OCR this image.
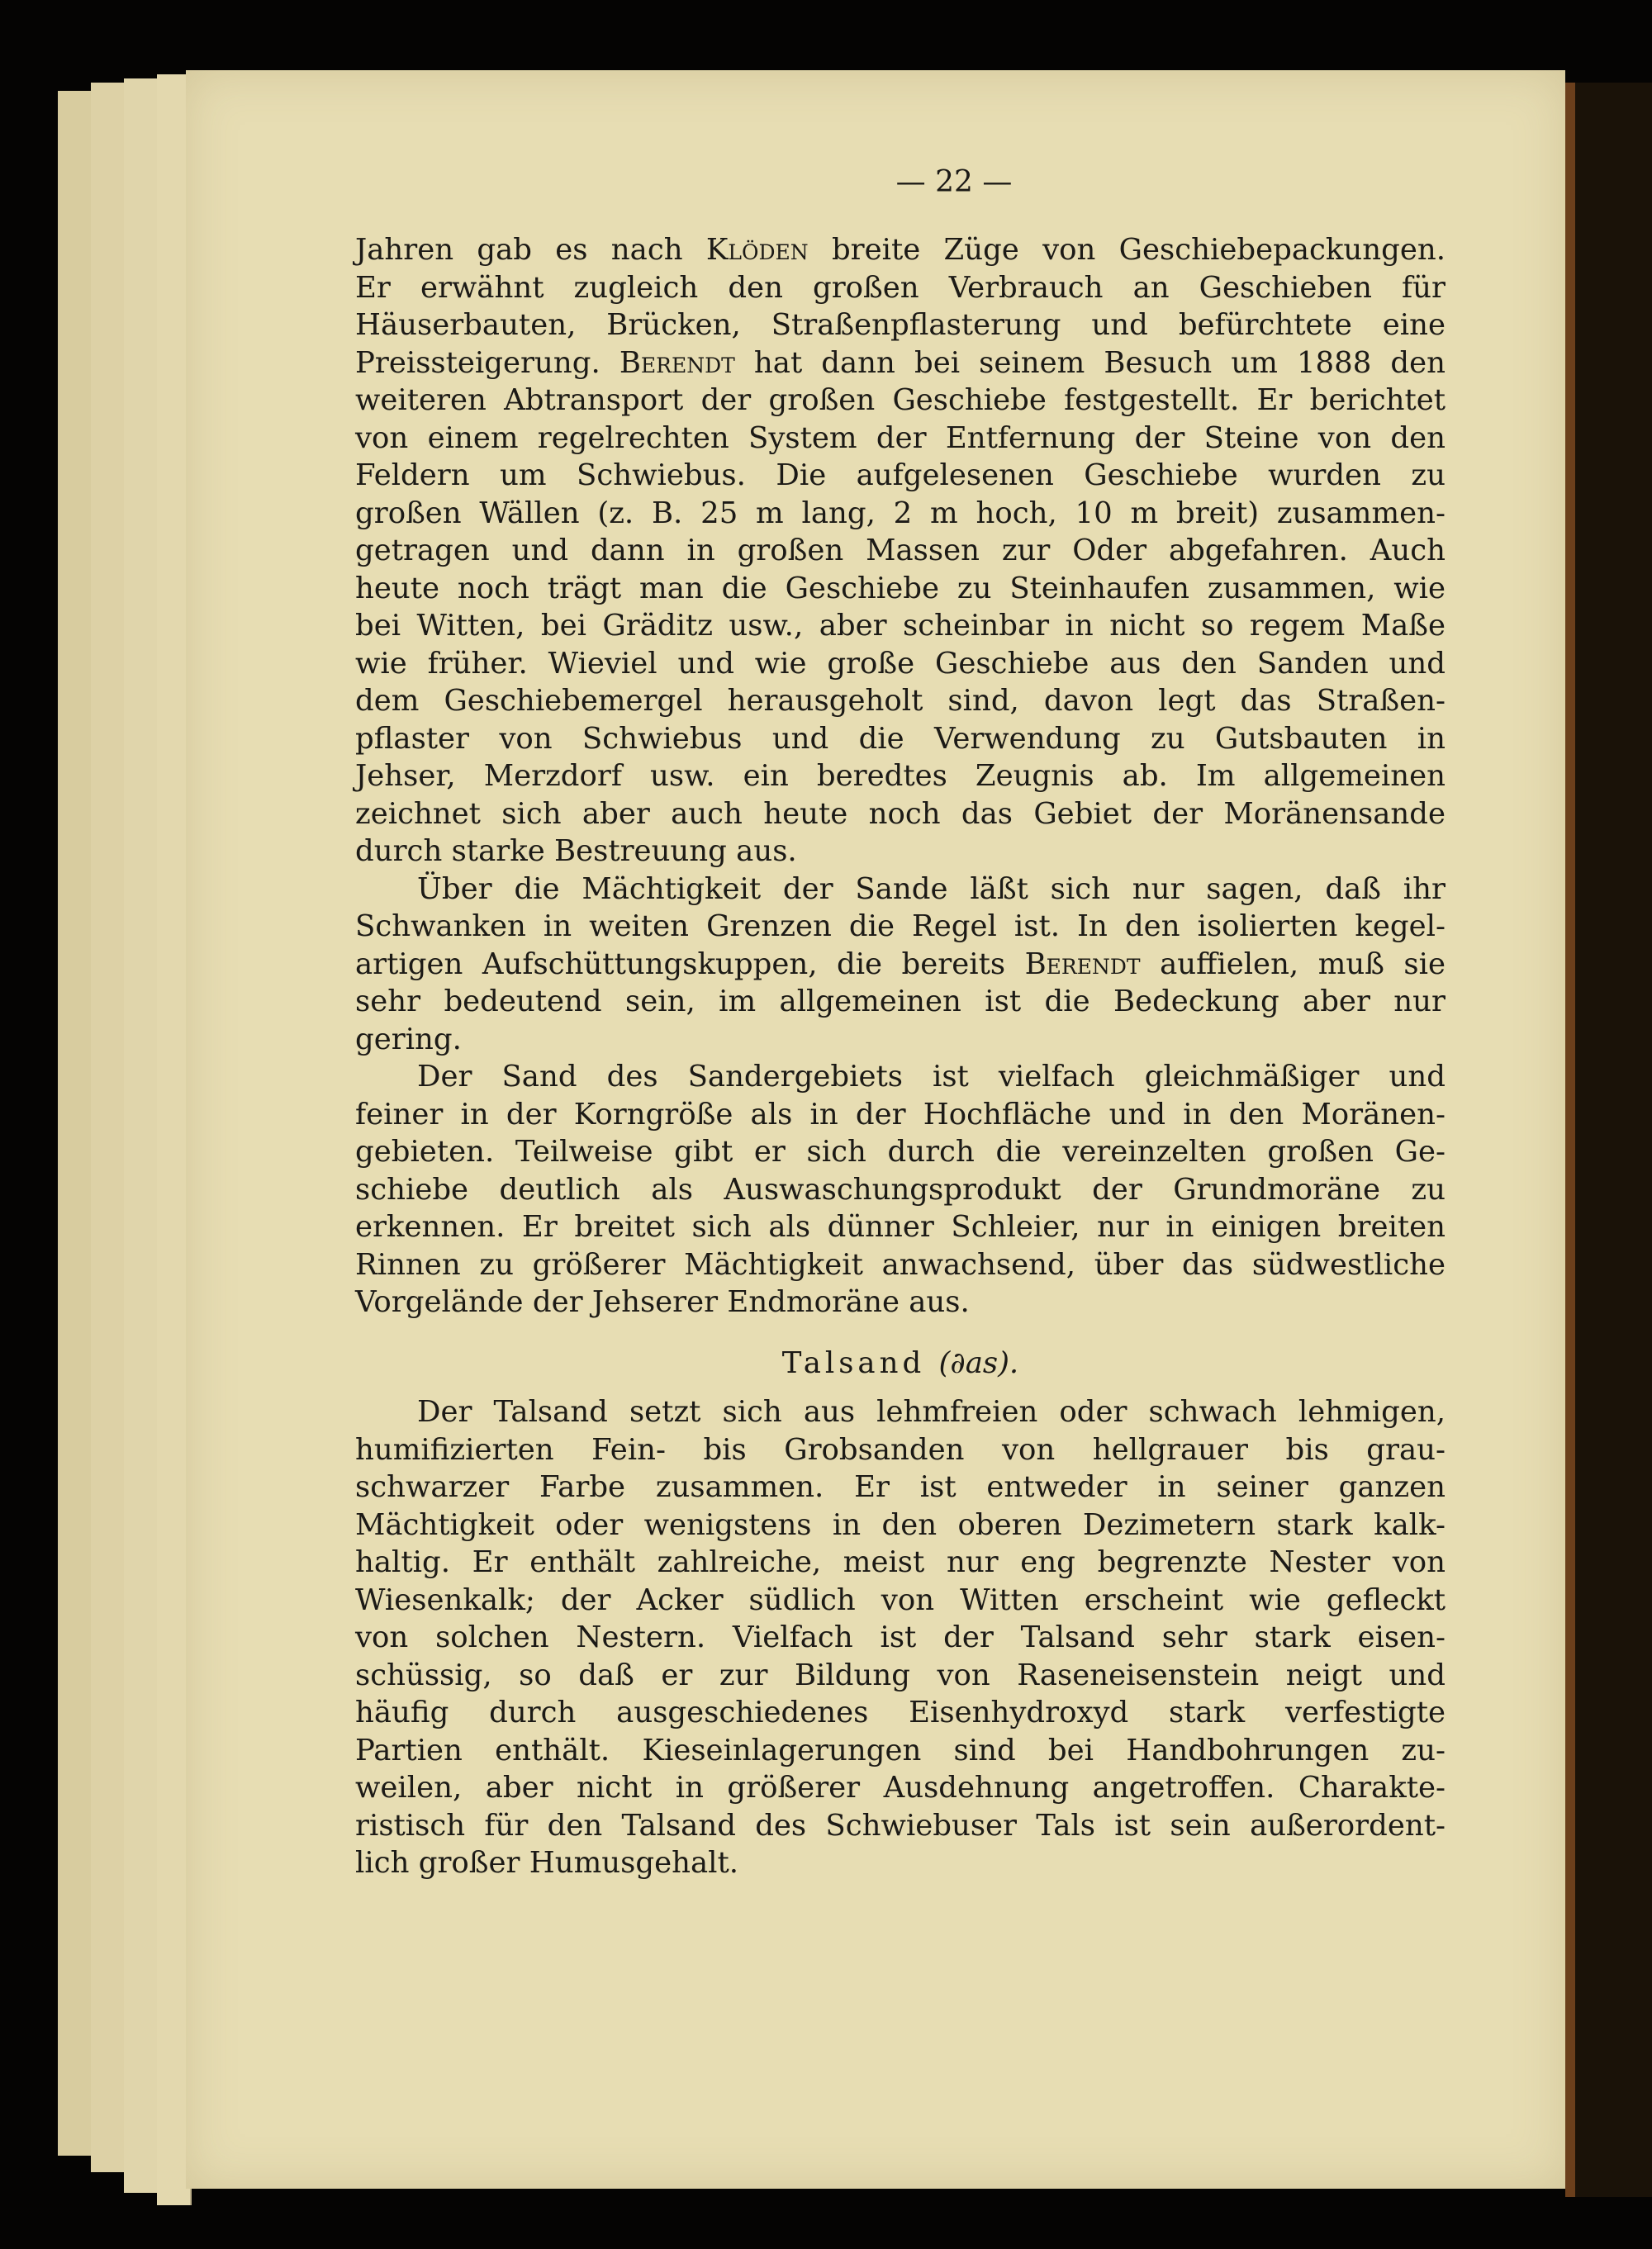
— 22 —
Jahren gab es nach Klöden breite Züge von Geschiebepackungen.
Er erwähnt zugleich den großen Verbrauch an Geschieben für
Häuserbauten, Brücken, Straßenpflasterung und befürchtete eine
Preissteigerung. Berendt hat dann bei seinem Besuch um 1888 den
weiteren Abtransport der großen Geschiebe festgestellt. Er berichtet
von einem regelrechten System der Entfernung der Steine von den
Feldern um Schwiebus. Die aufgelesenen Geschiebe wurden zu
großen Wällen (z. B. 25 m lang, 2 m hoch, 10 m breit) zusammen-
getragen und dann in großen Massen zur Oder abgefahren. Auch
heute noch trägt man die Geschiebe zu Steinhaufen zusammen, wie
bei Witten, bei Gräditz usw., aber scheinbar in nicht so regem Maße
wie früher. Wieviel und wie große Geschiebe aus den Sanden und
dem Geschiebemergel herausgeholt sind, davon legt das Straßen-
pflaster von Schwiebus und die Verwendung zu Gutsbauten in
Jehser, Merzdorf usw. ein beredtes Zeugnis ab. Im allgemeinen
zeichnet sich aber auch heute noch das Gebiet der Moränensande
durch starke Bestreuung aus.
Über die Mächtigkeit der Sande läßt sich nur sagen, daß ihr
Schwanken in weiten Grenzen die Regel ist. In den isolierten kegel-
artigen Aufschüttungskuppen, die bereits Berendt auffielen, muß sie
sehr bedeutend sein, im allgemeinen ist die Bedeckung aber nur
gering.
Der Sand des Sandergebiets ist vielfach gleichmäßiger und
feiner in der Korngröße als in der Hochfläche und in den Moränen-
gebieten. Teilweise gibt er sich durch die vereinzelten großen Ge-
schiebe deutlich als Auswaschungsprodukt der Grundmoräne zu
erkennen. Er breitet sich als dünner Schleier, nur in einigen breiten
Rinnen zu größerer Mächtigkeit anwachsend, über das südwestliche
Vorgelände der Jehserer Endmoräne aus.
Talsand (∂as).
Der Talsand setzt sich aus lehmfreien oder schwach lehmigen,
humifizierten Fein- bis Grobsanden von hellgrauer bis grau-
schwarzer Farbe zusammen. Er ist entweder in seiner ganzen
Mächtigkeit oder wenigstens in den oberen Dezimetern stark kalk-
haltig. Er enthält zahlreiche, meist nur eng begrenzte Nester von
Wiesenkalk; der Acker südlich von Witten erscheint wie gefleckt
von solchen Nestern. Vielfach ist der Talsand sehr stark eisen-
schüssig, so daß er zur Bildung von Raseneisenstein neigt und
häufig durch ausgeschiedenes Eisenhydroxyd stark verfestigte
Partien enthält. Kieseinlagerungen sind bei Handbohrungen zu-
weilen, aber nicht in größerer Ausdehnung angetroffen. Charakte-
ristisch für den Talsand des Schwiebuser Tals ist sein außerordent-
lich großer Humusgehalt.
